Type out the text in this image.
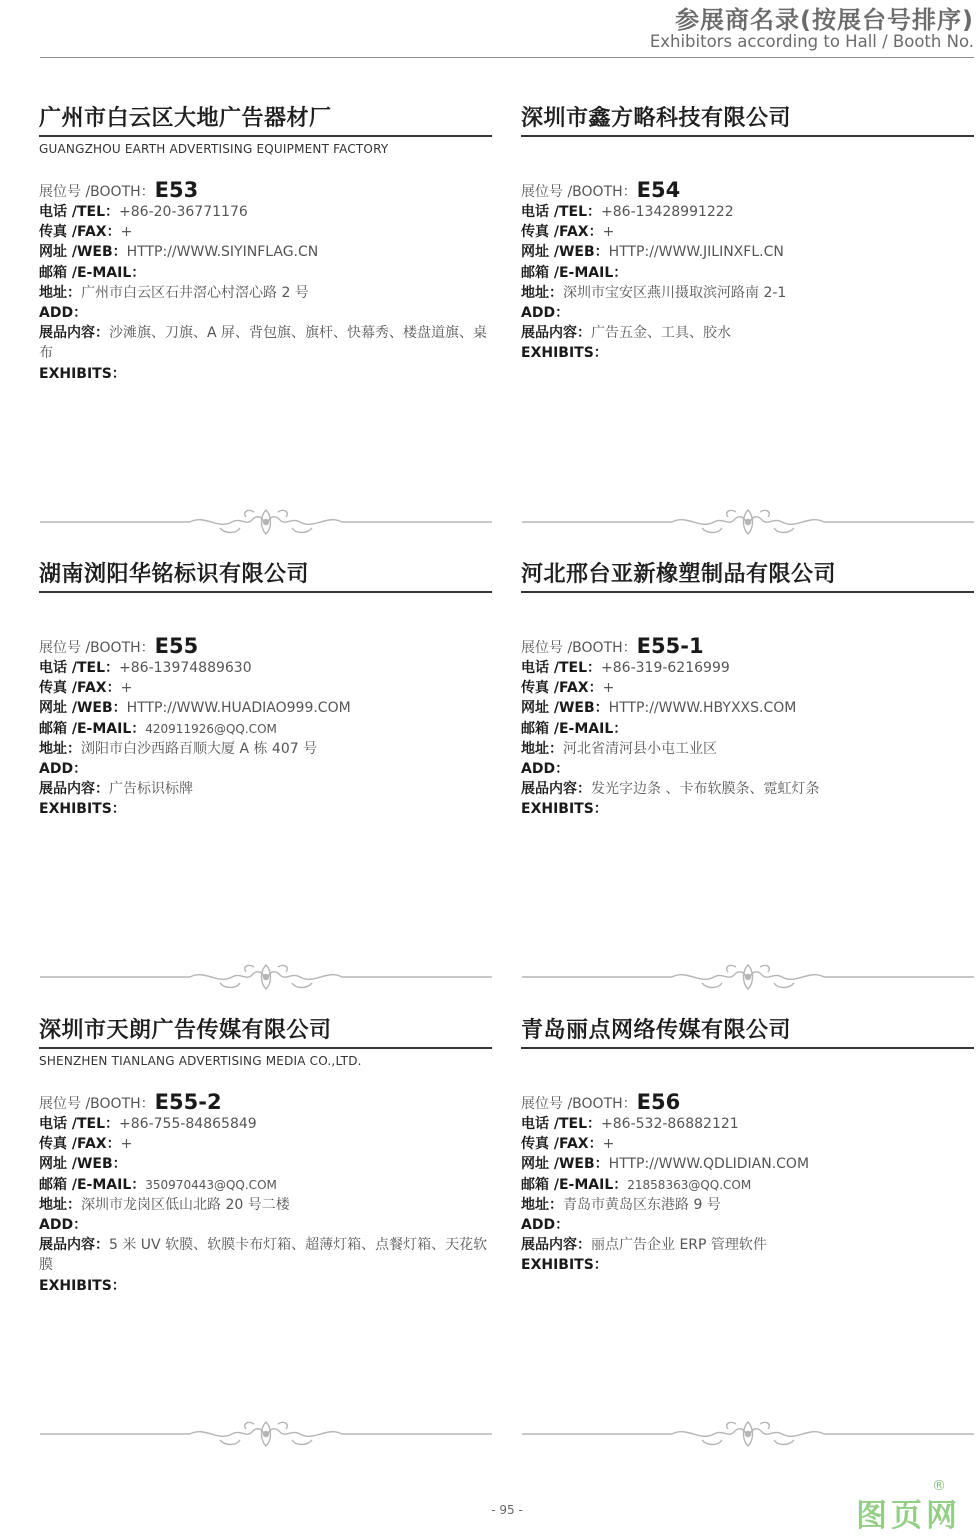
参展商名录(按展台号排序)
Exhibitors according to Hall / Booth No.
广州市白云区大地广告器材厂
GUANGZHOU EARTH ADVERTISING EQUIPMENT FACTORY
展位号 /BOOTH：E53
电话 /TEL：+86-20-36771176
传真 /FAX：+
网址 /WEB：HTTP://WWW.SIYINFLAG.CN
邮箱 /E-MAIL：
地址：广州市白云区石井滘心村滘心路 2 号
ADD：
展品内容：沙滩旗、刀旗、A 屏、背包旗、旗杆、快幕秀、楼盘道旗、桌布
EXHIBITS：
深圳市鑫方略科技有限公司
展位号 /BOOTH：E54
电话 /TEL：+86-13428991222
传真 /FAX：+
网址 /WEB：HTTP://WWW.JILINXFL.CN
邮箱 /E-MAIL：
地址：深圳市宝安区燕川摄取滨河路南 2-1
ADD：
展品内容：广告五金、工具、胶水
EXHIBITS：
湖南浏阳华铭标识有限公司
展位号 /BOOTH：E55
电话 /TEL：+86-13974889630
传真 /FAX：+
网址 /WEB：HTTP://WWW.HUADIAO999.COM
邮箱 /E-MAIL：420911926@QQ.COM
地址：浏阳市白沙西路百顺大厦 A 栋 407 号
ADD：
展品内容：广告标识标牌
EXHIBITS：
河北邢台亚新橡塑制品有限公司
展位号 /BOOTH：E55-1
电话 /TEL：+86-319-6216999
传真 /FAX：+
网址 /WEB：HTTP://WWW.HBYXXS.COM
邮箱 /E-MAIL：
地址：河北省清河县小屯工业区
ADD：
展品内容：发光字边条 、卡布软膜条、霓虹灯条
EXHIBITS：
深圳市天朗广告传媒有限公司
SHENZHEN TIANLANG ADVERTISING MEDIA CO.,LTD.
展位号 /BOOTH：E55-2
电话 /TEL：+86-755-84865849
传真 /FAX：+
网址 /WEB：
邮箱 /E-MAIL：350970443@QQ.COM
地址：深圳市龙岗区低山北路 20 号二楼
ADD：
展品内容：5 米 UV 软膜、软膜卡布灯箱、超薄灯箱、点餐灯箱、天花软膜
EXHIBITS：
青岛丽点网络传媒有限公司
展位号 /BOOTH：E56
电话 /TEL：+86-532-86882121
传真 /FAX：+
网址 /WEB：HTTP://WWW.QDLIDIAN.COM
邮箱 /E-MAIL：21858363@QQ.COM
地址：青岛市黄岛区东港路 9 号
ADD：
展品内容：丽点广告企业 ERP 管理软件
EXHIBITS：
- 95 -	图页网
®
